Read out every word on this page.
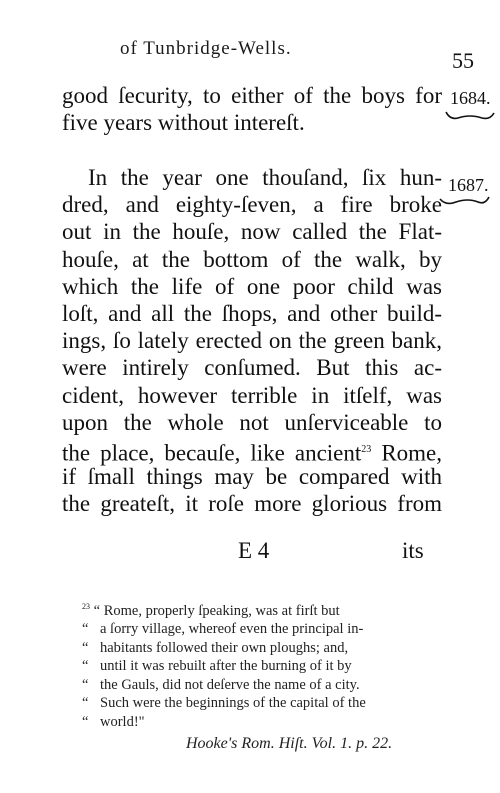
of Tunbridge-Wells.	55
1684.
1687.
good ſecurity, to either of the boys for
five years without intereſt.
In the year one thouſand, ſix hun-
dred, and eighty-ſeven, a fire broke
out in the houſe, now called the Flat-
houſe, at the bottom of the walk, by
which the life of one poor child was
loſt, and all the ſhops, and other build-
ings, ſo lately erected on the green bank,
were intirely conſumed. But this ac-
cident, however terrible in itſelf, was
upon the whole not unſerviceable to
the place, becauſe, like ancient$^{23}$ Rome,
if ſmall things may be compared with
the greateſt, it roſe more glorious from
E 4	its
$^{23}$ “ Rome, properly ſpeaking, was at firſt but
“ a ſorry village, whereof even the principal in-
“ habitants followed their own ploughs; and,
“ until it was rebuilt after the burning of it by
“ the Gauls, did not deſerve the name of a city.
“ Such were the beginnings of the capital of the
“ world!"
Hooke's Rom. Hiſt. Vol. 1. p. 22.
